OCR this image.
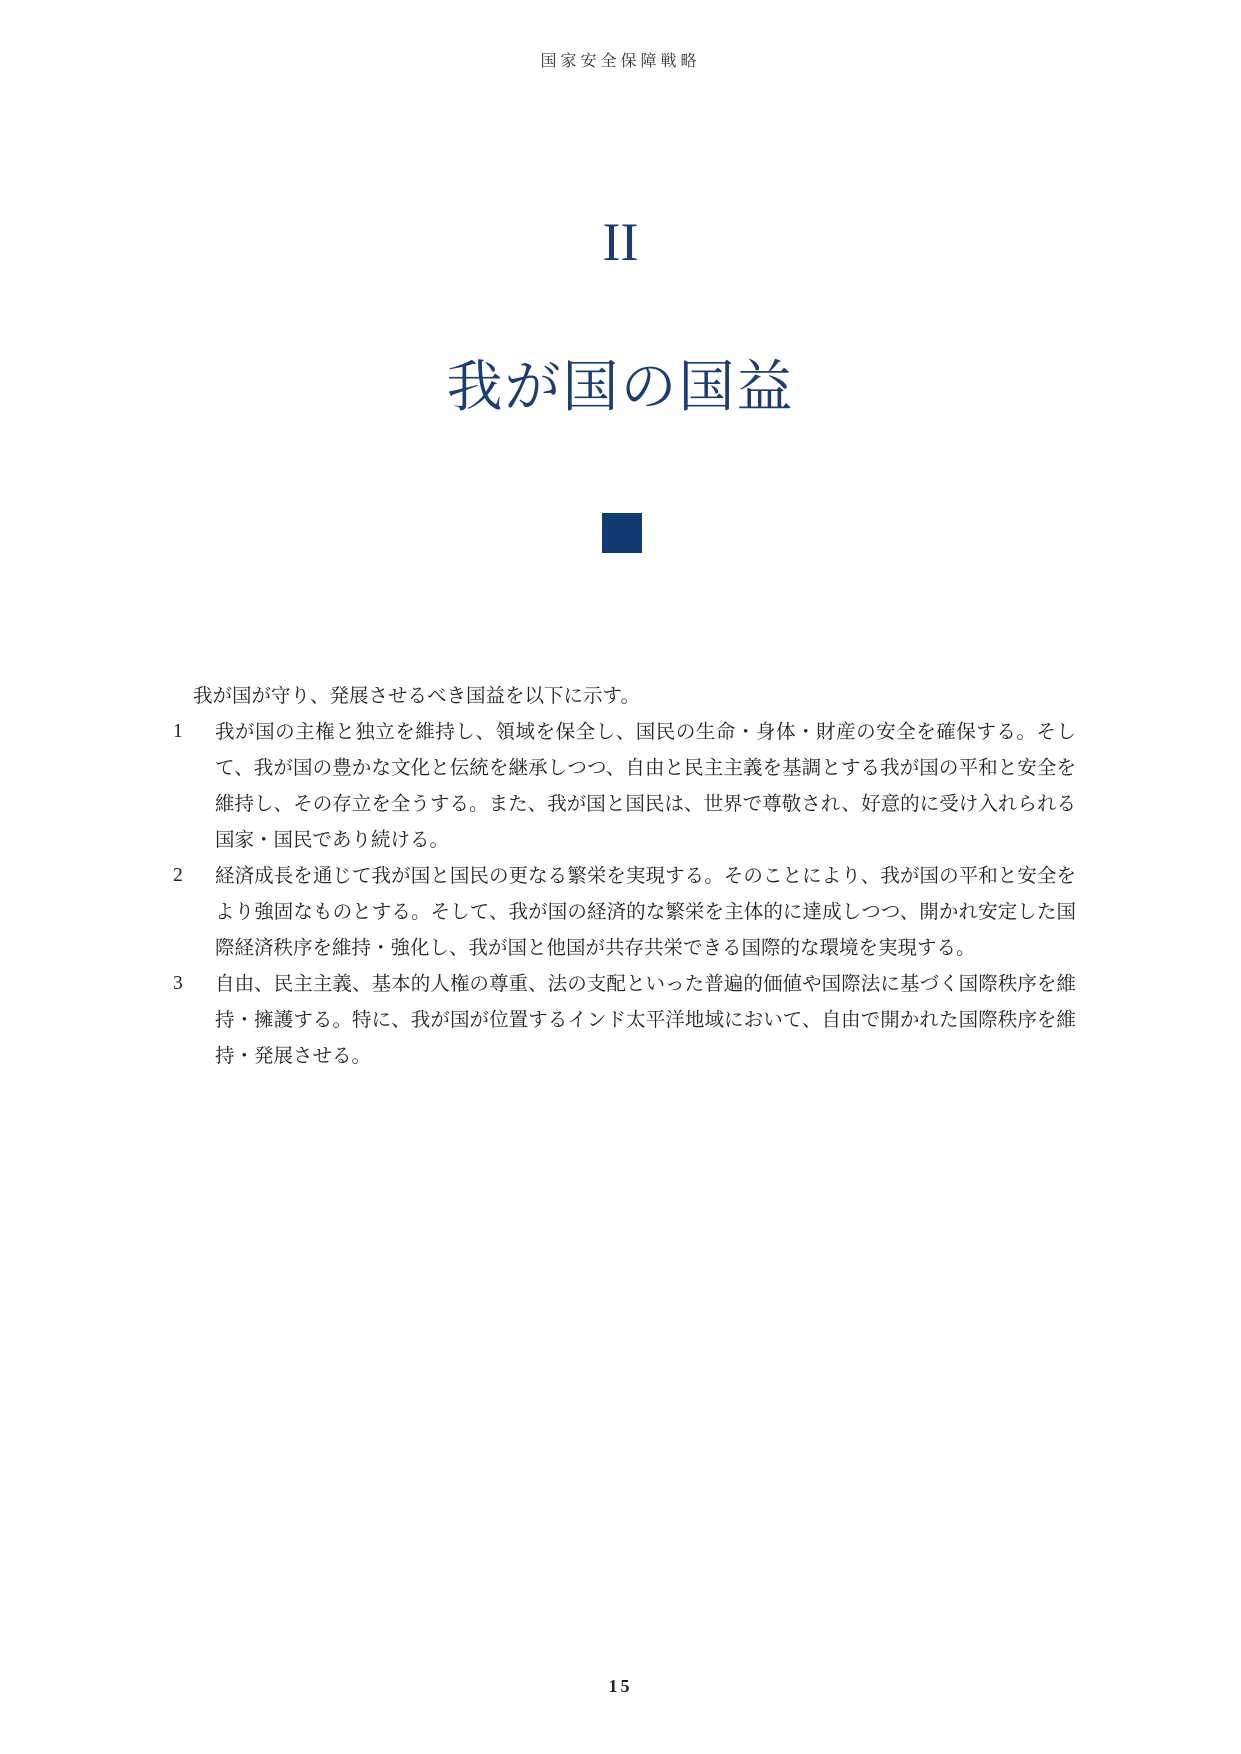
国家安全保障戦略
II
我が国の国益

我が国が守り、発展させるべき国益を以下に示す。

1	我が国の主権と独立を維持し、領域を保全し、国民の生命・身体・財産の安全を確保する。そして、我が国の豊かな文化と伝統を継承しつつ、自由と民主主義を基調とする我が国の平和と安全を維持し、その存立を全うする。また、我が国と国民は、世界で尊敬され、好意的に受け入れられる国家・国民であり続ける。
2	経済成長を通じて我が国と国民の更なる繁栄を実現する。そのことにより、我が国の平和と安全をより強固なものとする。そして、我が国の経済的な繁栄を主体的に達成しつつ、開かれ安定した国際経済秩序を維持・強化し、我が国と他国が共存共栄できる国際的な環境を実現する。
3	自由、民主主義、基本的人権の尊重、法の支配といった普遍的価値や国際法に基づく国際秩序を維持・擁護する。特に、我が国が位置するインド太平洋地域において、自由で開かれた国際秩序を維持・発展させる。
15
